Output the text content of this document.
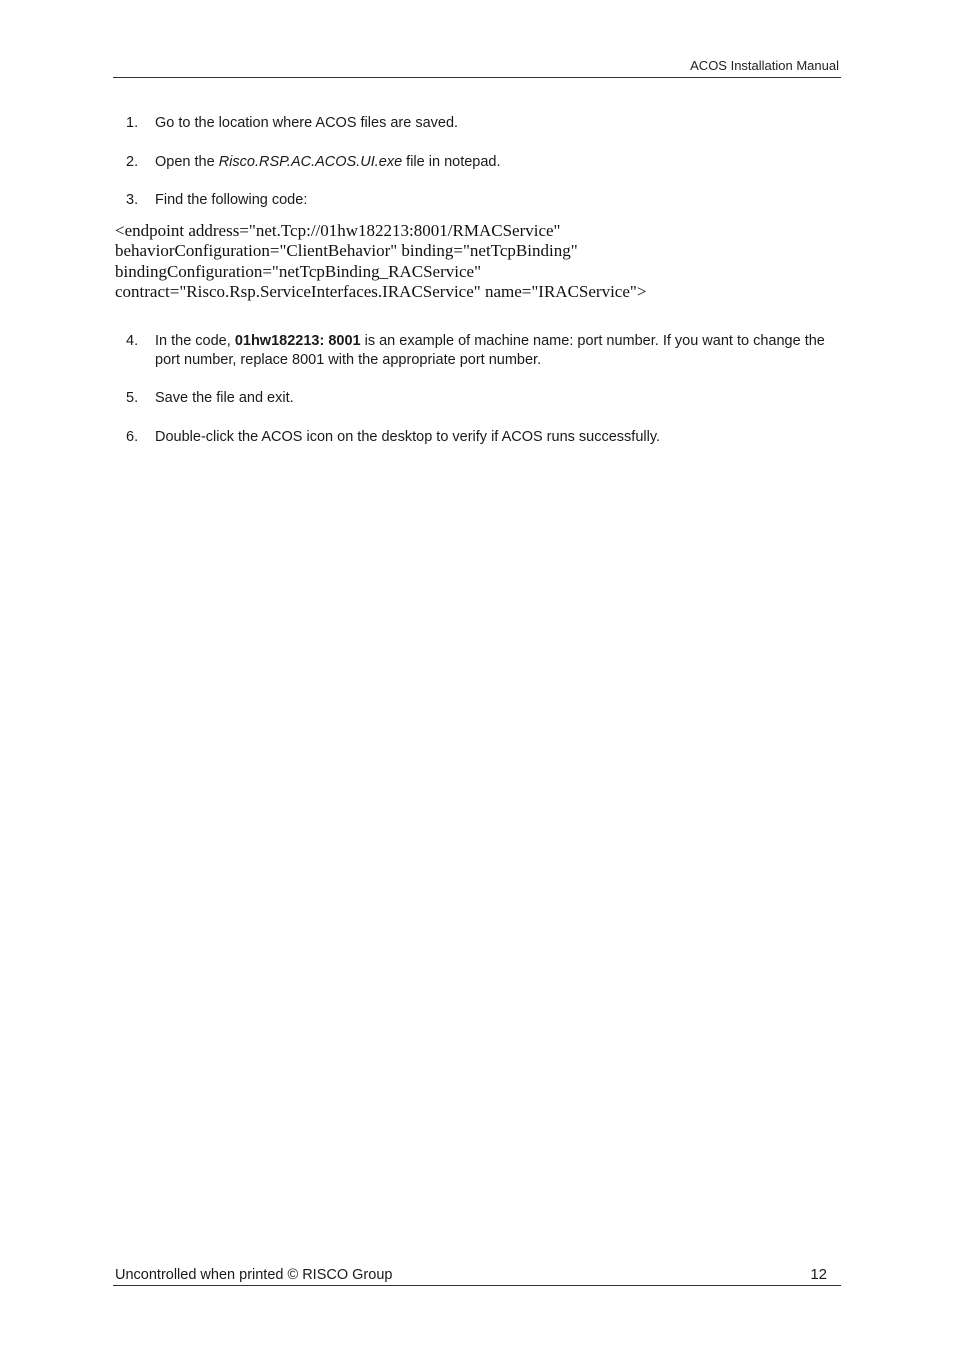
ACOS Installation Manual
1. Go to the location where ACOS files are saved.
2. Open the Risco.RSP.AC.ACOS.UI.exe file in notepad.
3. Find the following code:
<endpoint address="net.Tcp://01hw182213:8001/RMACService"
behaviorConfiguration="ClientBehavior" binding="netTcpBinding"
bindingConfiguration="netTcpBinding_RACService"
contract="Risco.Rsp.ServiceInterfaces.IRACService" name="IRACService">
4. In the code, 01hw182213: 8001 is an example of machine name: port number. If you want to change the port number, replace 8001 with the appropriate port number.
5. Save the file and exit.
6. Double-click the ACOS icon on the desktop to verify if ACOS runs successfully.
Uncontrolled when printed © RISCO Group	12
